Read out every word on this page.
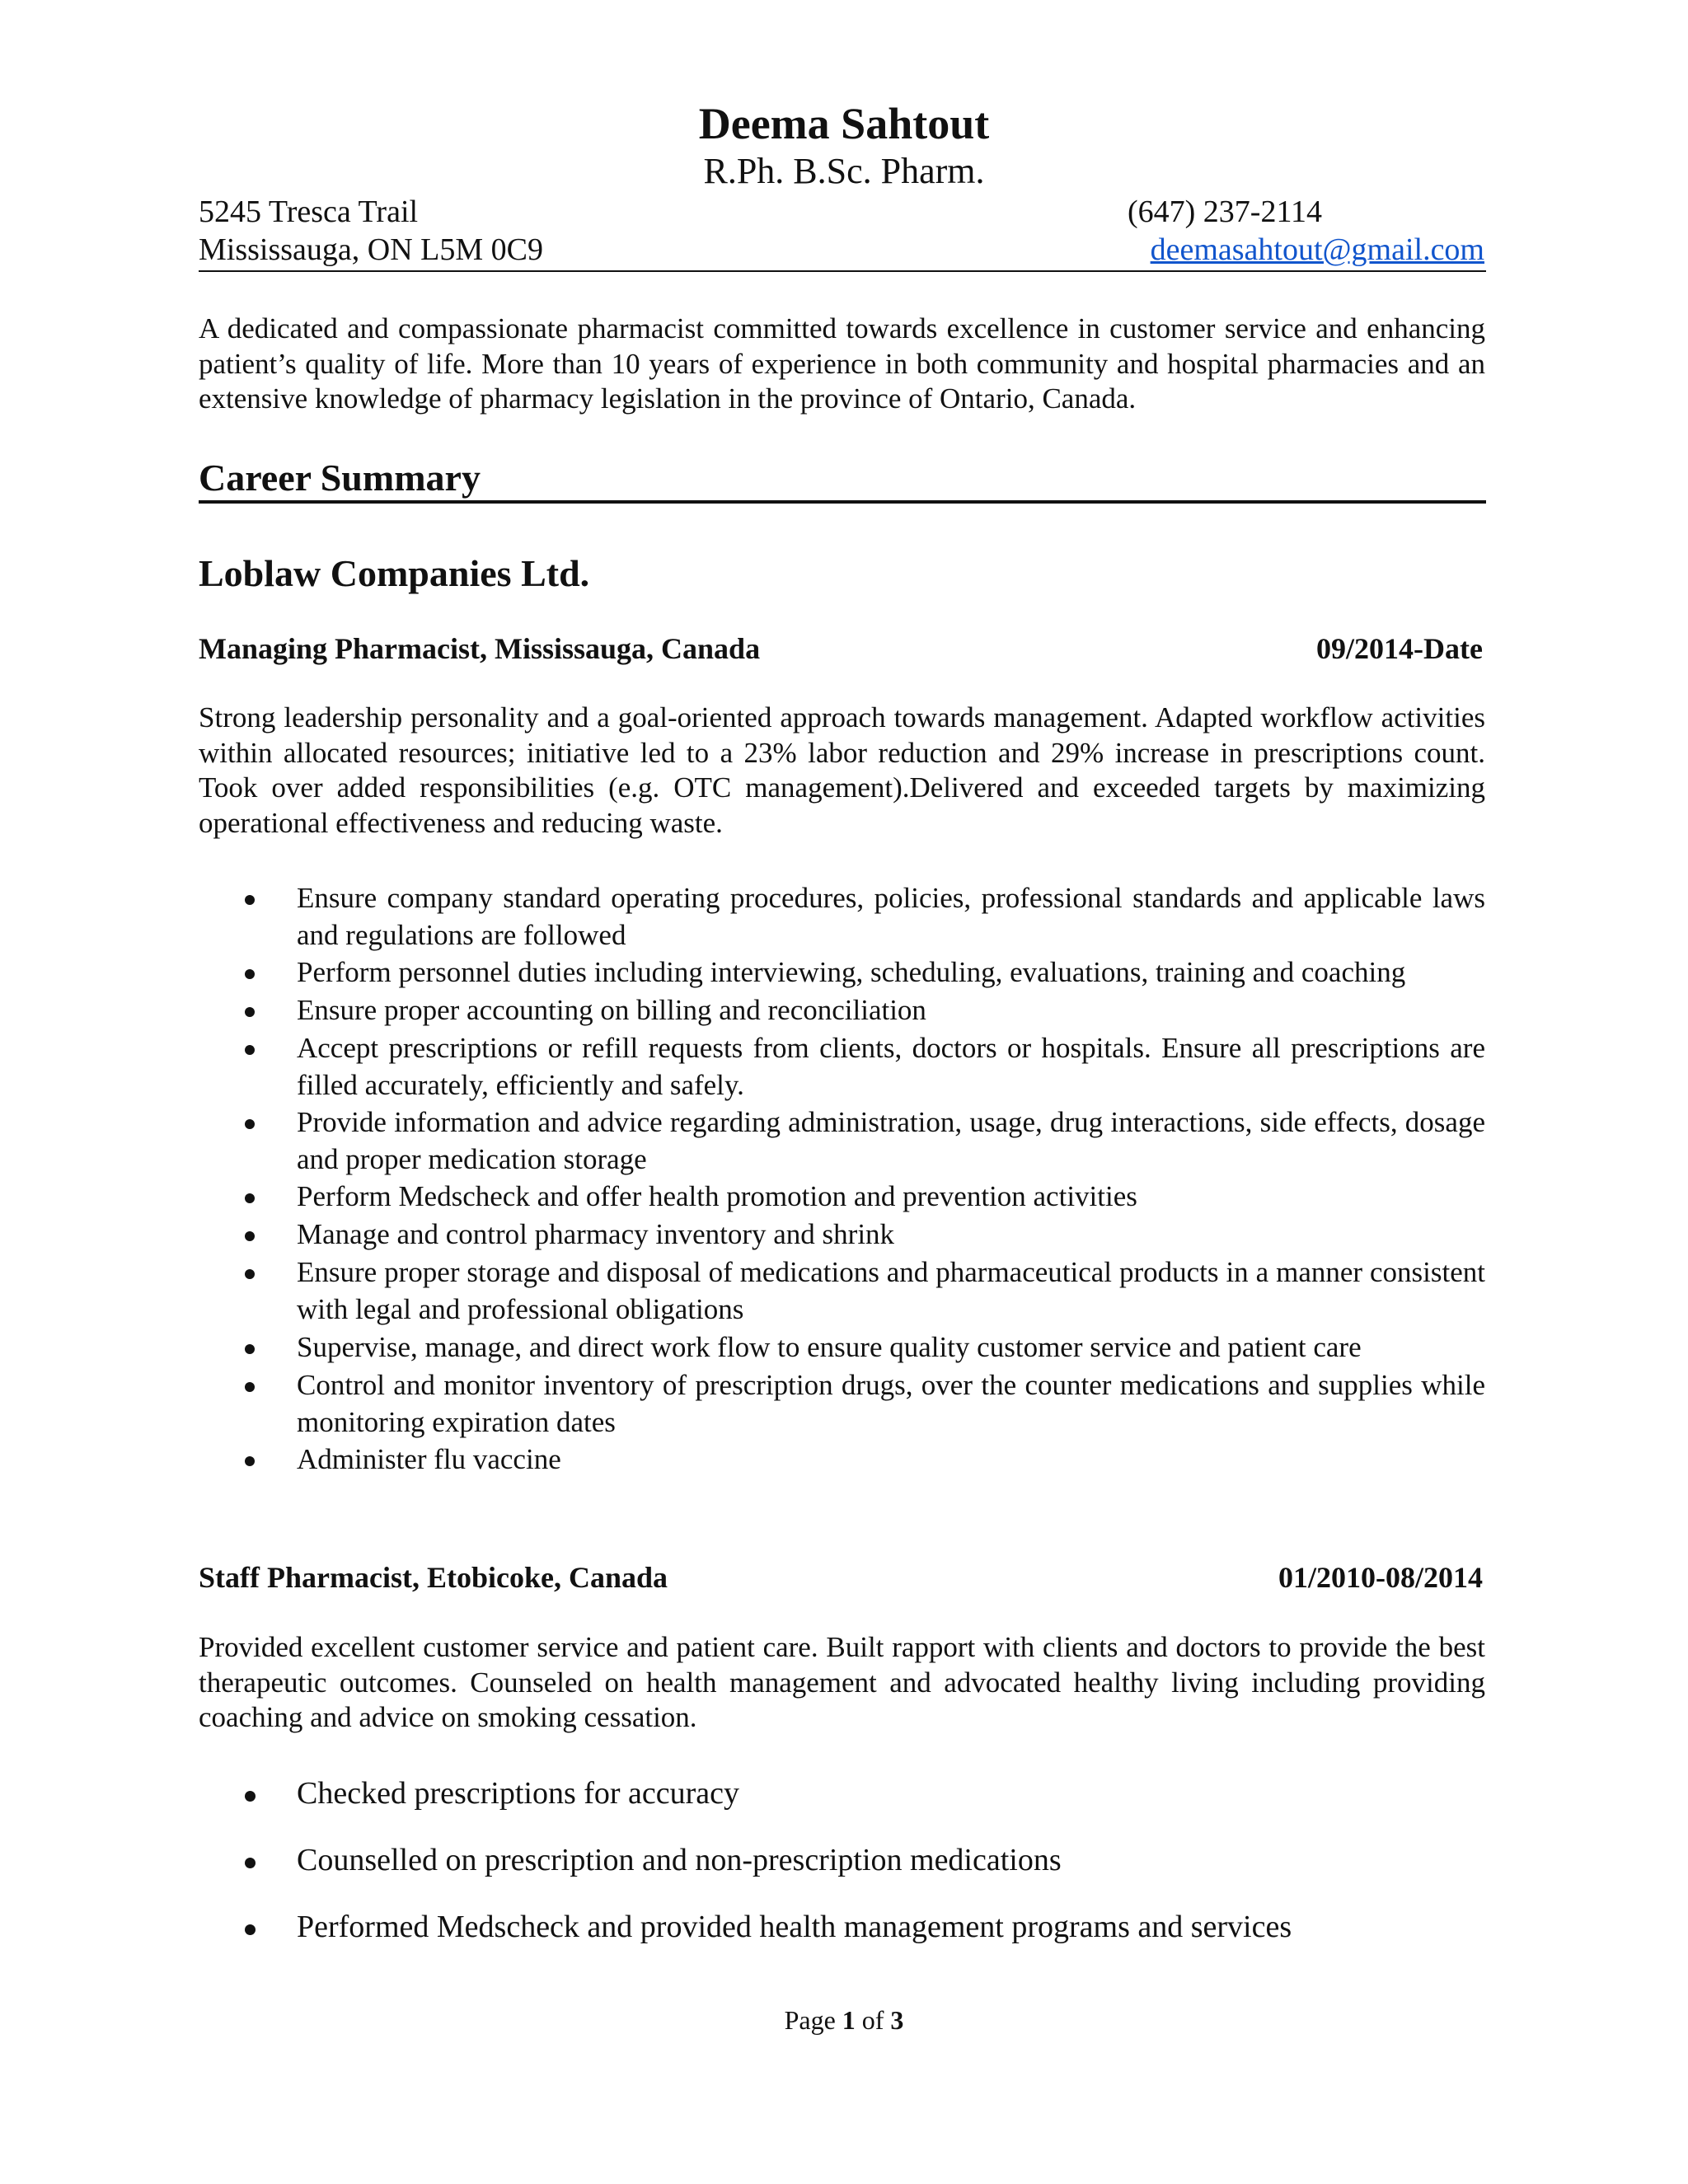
Deema Sahtout
R.Ph. B.Sc. Pharm.
5245 Tresca Trail	(647) 237-2114
Mississauga, ON L5M 0C9	deemasahtout@gmail.com
A dedicated and compassionate pharmacist committed towards excellence in customer service and enhancing patient’s quality of life. More than 10 years of experience in both community and hospital pharmacies and an extensive knowledge of pharmacy legislation in the province of Ontario, Canada.
Career Summary
Loblaw Companies Ltd.
Managing Pharmacist, Mississauga, Canada	09/2014-Date
Strong leadership personality and a goal-oriented approach towards management. Adapted workflow activities within allocated resources; initiative led to a 23% labor reduction and 29% increase in prescriptions count. Took over added responsibilities (e.g. OTC management).Delivered and exceeded targets by maximizing operational effectiveness and reducing waste.
Ensure company standard operating procedures, policies, professional standards and applicable laws and regulations are followed
Perform personnel duties including interviewing, scheduling, evaluations, training and coaching
Ensure proper accounting on billing and reconciliation
Accept prescriptions or refill requests from clients, doctors or hospitals. Ensure all prescriptions are filled accurately, efficiently and safely.
Provide information and advice regarding administration, usage, drug interactions, side effects, dosage and proper medication storage
Perform Medscheck and offer health promotion and prevention activities
Manage and control pharmacy inventory and shrink
Ensure proper storage and disposal of medications and pharmaceutical products in a manner consistent with legal and professional obligations
Supervise, manage, and direct work flow to ensure quality customer service and patient care
Control and monitor inventory of prescription drugs, over the counter medications and supplies while monitoring expiration dates
Administer flu vaccine
Staff Pharmacist, Etobicoke, Canada	01/2010-08/2014
Provided excellent customer service and patient care. Built rapport with clients and doctors to provide the best therapeutic outcomes. Counseled on health management and advocated healthy living including providing coaching and advice on smoking cessation.
Checked prescriptions for accuracy
Counselled on prescription and non-prescription medications
Performed Medscheck and provided health management programs and services
Page 1 of 3
